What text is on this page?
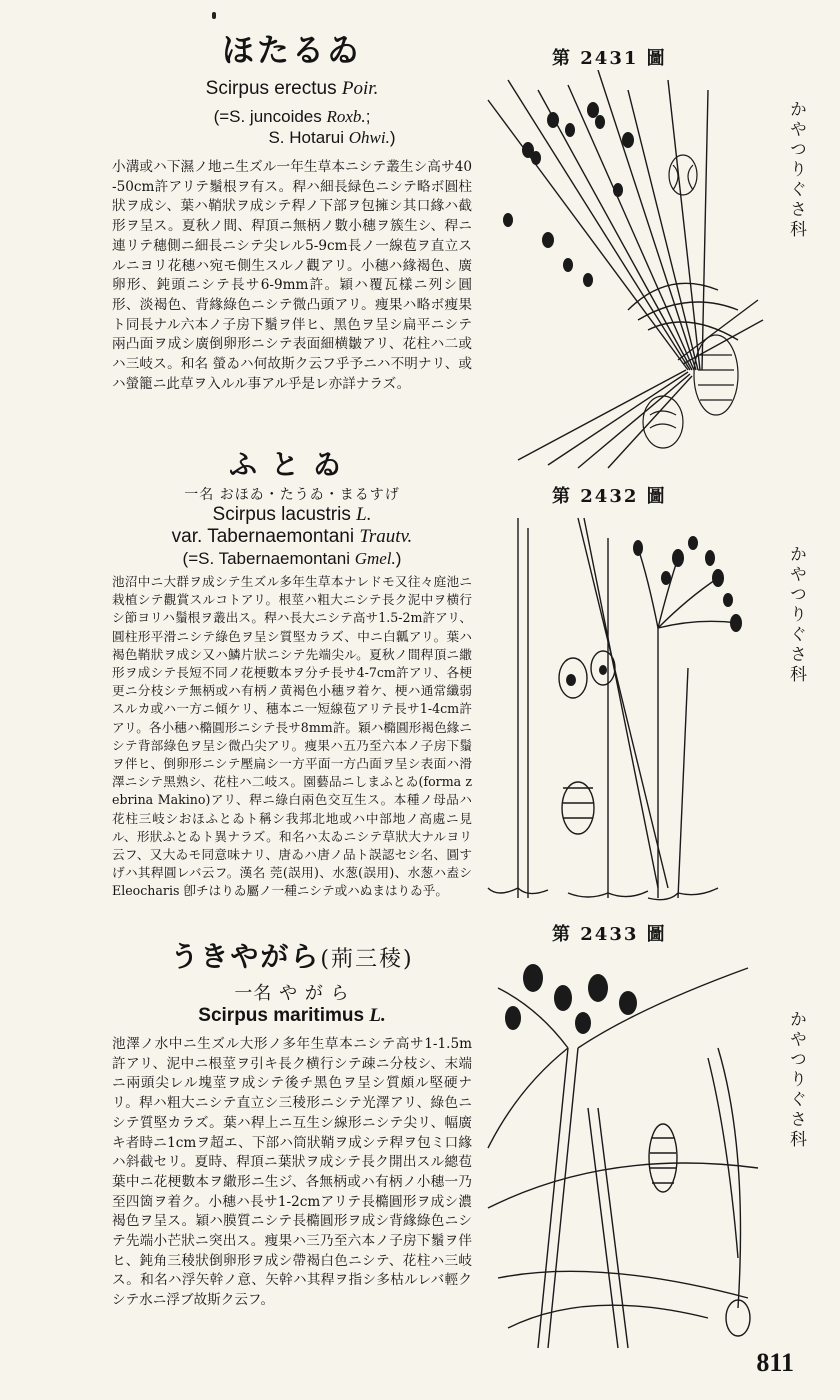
ほたるゐ
Scirpus erectus Poir.
(=S. juncoides Roxb.;
S. Hotarui Ohwi.)

小溝或ハ下濕ノ地ニ生ズル一年生草本ニシテ叢生シ高サ40-50cm許アリテ鬚根ヲ有ス。稈ハ細長緑色ニシテ略ボ圓柱狀ヲ成シ、葉ハ鞘狀ヲ成シテ稈ノ下部ヲ包擁シ其口緣ハ截形ヲ呈ス。夏秋ノ間、稈頂ニ無柄ノ數小穗ヲ簇生シ、稈ニ連リテ穗側ニ細長ニシテ尖レル5-9cm長ノ一線苞ヲ直立スルニヨリ花穗ハ宛モ側生スルノ觀アリ。小穗ハ緣褐色、廣卵形、鈍頭ニシテ長サ6-9mm許。穎ハ覆瓦樣ニ列シ圓形、淡褐色、背緣綠色ニシテ微凸頭アリ。痩果ハ略ボ痩果ト同長ナル六本ノ子房下鬚ヲ伴ヒ、黑色ヲ呈シ扁平ニシテ兩凸面ヲ成シ廣倒卵形ニシテ表面細横皺アリ、花柱ハ二或ハ三岐ス。和名 螢ゐハ何故斯ク云フ乎予ニハ不明ナリ、或ハ螢籠ニ此草ヲ入ルル事アル乎是レ亦詳ナラズ。

ふとゐ
一名 おほゐ・たうゐ・まるすげ
Scirpus lacustris L.
var. Tabernaemontani Trautv.
(=S. Tabernaemontani Gmel.)

池沼中ニ大群ヲ成シテ生ズル多年生草本ナレドモ又往々庭池ニ栽植シテ觀賞スルコトアリ。根莖ハ粗大ニシテ長ク泥中ヲ横行シ節ヨリハ鬚根ヲ叢出ス。稈ハ長大ニシテ高サ1.5-2m許アリ、圓柱形平滑ニシテ綠色ヲ呈シ質堅カラズ、中ニ白瓤アリ。葉ハ褐色鞘狀ヲ成シ又ハ鱗片狀ニシテ先端尖ル。夏秋ノ間稈頂ニ繖形ヲ成シテ長短不同ノ花梗數本ヲ分チ長サ4-7cm許アリ、各梗更ニ分枝シテ無柄或ハ有柄ノ黄褐色小穗ヲ着ケ、梗ハ通常纖弱スルカ或ハ一方ニ傾ケリ、穗本ニ一短線苞アリテ長サ1-4cm許アリ。各小穗ハ橢圓形ニシテ長サ8mm許。穎ハ橢圓形褐色緣ニシテ背部綠色ヲ呈シ微凸尖アリ。痩果ハ五乃至六本ノ子房下鬚ヲ伴ヒ、倒卵形ニシテ壓扁シ一方平面一方凸面ヲ呈シ表面ハ滑澤ニシテ黑熟シ、花柱ハ二岐ス。園藝品ニしまふとゐ(forma zebrina Makino)アリ、稈ニ綠白兩色交互生ス。本種ノ母品ハ花柱三岐シおほふとゐト稱シ我邦北地或ハ中部地ノ高處ニ見ル、形狀ふとゐト異ナラズ。和名ハ太ゐニシテ草狀大ナルヨリ云フ、又大ゐモ同意味ナリ、唐ゐハ唐ノ品ト誤認セシ名、圓すげハ其稈圓レバ云フ。漢名 莞(誤用)、水葱(誤用)、水葱ハ盍シ Eleocharis 卽チはりゐ屬ノ一種ニシテ或ハぬまはりゐ乎。

うきやがら(荊三稜)
一名 や が ら
Scirpus maritimus L.

池澤ノ水中ニ生ズル大形ノ多年生草本ニシテ高サ1-1.5m許アリ、泥中ニ根莖ヲ引キ長ク横行シテ疎ニ分枝シ、末端ニ兩頭尖レル塊莖ヲ成シテ後チ黑色ヲ呈シ質頗ル堅硬ナリ。稈ハ粗大ニシテ直立シ三稜形ニシテ光澤アリ、綠色ニシテ質堅カラズ。葉ハ稈上ニ互生シ線形ニシテ尖リ、幅廣キ者時ニ1cmヲ超エ、下部ハ筒狀鞘ヲ成シテ稈ヲ包ミ口緣ハ斜截セリ。夏時、稈頂ニ葉狀ヲ成シテ長ク開出スル總苞葉中ニ花梗數本ヲ繖形ニ生ジ、各無柄或ハ有柄ノ小穗一乃至四箇ヲ着ク。小穗ハ長サ1-2cmアリテ長橢圓形ヲ成シ濃褐色ヲ呈ス。穎ハ膜質ニシテ長橢圓形ヲ成シ背緣綠色ニシテ先端小芒狀ニ突出ス。痩果ハ三乃至六本ノ子房下鬚ヲ伴ヒ、鈍角三稜狀倒卵形ヲ成シ帶褐白色ニシテ、花柱ハ三岐ス。和名ハ浮矢幹ノ意、矢幹ハ其稈ヲ指シ多枯ルレバ輕クシテ水ニ浮ブ故斯ク云フ。

第 2431 圖
第 2432 圖
第 2433 圖
かやつりぐさ科
かやつりぐさ科
かやつりぐさ科
811
